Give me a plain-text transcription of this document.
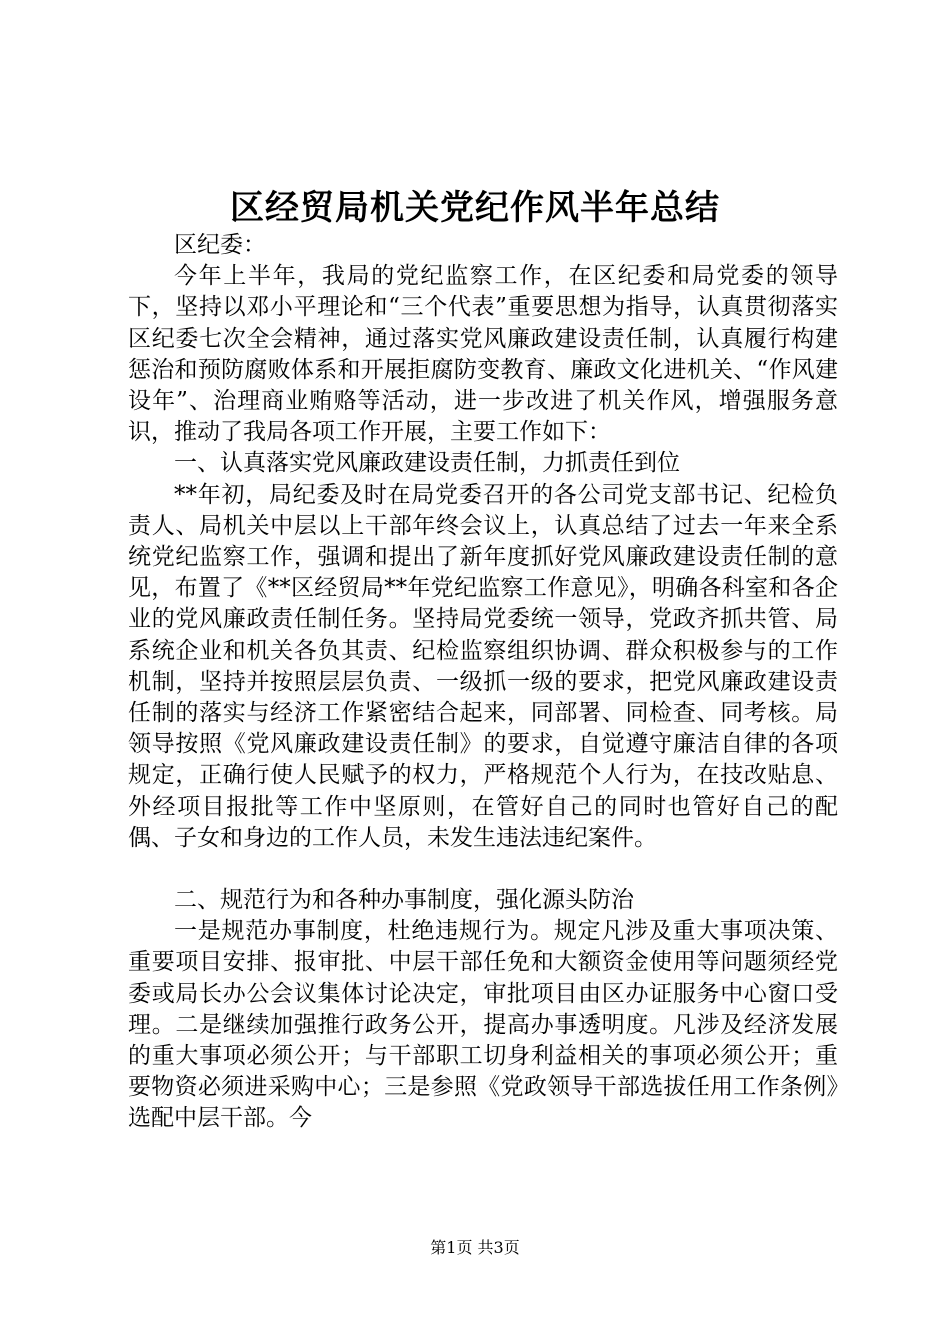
区经贸局机关党纪作风半年总结

区纪委：

今年上半年，我局的党纪监察工作，在区纪委和局党委的领导下，坚持以邓小平理论和“三个代表”重要思想为指导，认真贯彻落实区纪委七次全会精神，通过落实党风廉政建设责任制，认真履行构建惩治和预防腐败体系和开展拒腐防变教育、廉政文化进机关、“作风建设年”、治理商业贿赂等活动，进一步改进了机关作风，增强服务意识，推动了我局各项工作开展，主要工作如下：

一、认真落实党风廉政建设责任制，力抓责任到位

**年初，局纪委及时在局党委召开的各公司党支部书记、纪检负责人、局机关中层以上干部年终会议上，认真总结了过去一年来全系统党纪监察工作，强调和提出了新年度抓好党风廉政建设责任制的意见，布置了《**区经贸局**年党纪监察工作意见》，明确各科室和各企业的党风廉政责任制任务。坚持局党委统一领导，党政齐抓共管、局系统企业和机关各负其责、纪检监察组织协调、群众积极参与的工作机制，坚持并按照层层负责、一级抓一级的要求，把党风廉政建设责任制的落实与经济工作紧密结合起来，同部署、同检查、同考核。局领导按照《党风廉政建设责任制》的要求，自觉遵守廉洁自律的各项规定，正确行使人民赋予的权力，严格规范个人行为，在技改贴息、外经项目报批等工作中坚原则，在管好自己的同时也管好自己的配偶、子女和身边的工作人员，未发生违法违纪案件。

二、规范行为和各种办事制度，强化源头防治

一是规范办事制度，杜绝违规行为。规定凡涉及重大事项决策、重要项目安排、报审批、中层干部任免和大额资金使用等问题须经党委或局长办公会议集体讨论决定，审批项目由区办证服务中心窗口受理。二是继续加强推行政务公开，提高办事透明度。凡涉及经济发展的重大事项必须公开；与干部职工切身利益相关的事项必须公开；重要物资必须进采购中心；三是参照《党政领导干部选拔任用工作条例》选配中层干部。今

第1页 共3页
